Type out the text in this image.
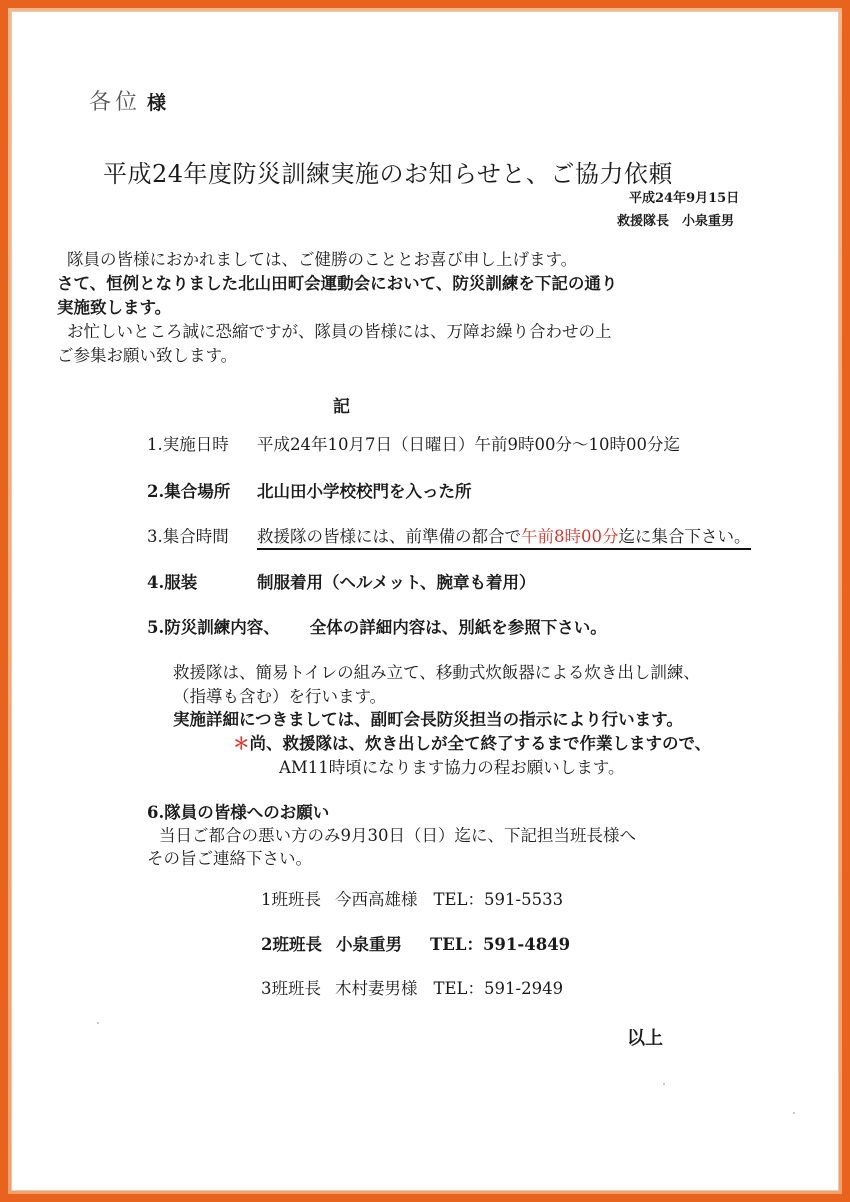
各位 様
平成24年度防災訓練実施のお知らせと、ご協力依頼
平成24年9月15日
救援隊長　小泉重男
隊員の皆様におかれましては、ご健勝のこととお喜び申し上げます。
さて、恒例となりました北山田町会運動会において、防災訓練を下記の通り
実施致します。
お忙しいところ誠に恐縮ですが、隊員の皆様には、万障お繰り合わせの上
ご参集お願い致します。
記
1.実施日時 平成24年10月7日（日曜日）午前9時00分～10時00分迄
2.集合場所 北山田小学校校門を入った所
3.集合時間 救援隊の皆様には、前準備の都合で午前8時00分迄に集合下さい。
4.服装	制服着用（ヘルメット、腕章も着用）
5.防災訓練内容、 全体の詳細内容は、別紙を参照下さい。
救援隊は、簡易トイレの組み立て、移動式炊飯器による炊き出し訓練、
（指導も含む）を行います。
実施詳細につきましては、副町会長防災担当の指示により行います。
＊尚、救援隊は、炊き出しが全て終了するまで作業しますので、
AM11時頃になります協力の程お願いします。
6.隊員の皆様へのお願い
当日ご都合の悪い方のみ9月30日（日）迄に、下記担当班長様へ
その旨ご連絡下さい。
1班班長 今西高雄様 TEL：591-5533
2班班長 小泉重男 TEL：591-4849
3班班長 木村妻男様 TEL：591-2949
以上
